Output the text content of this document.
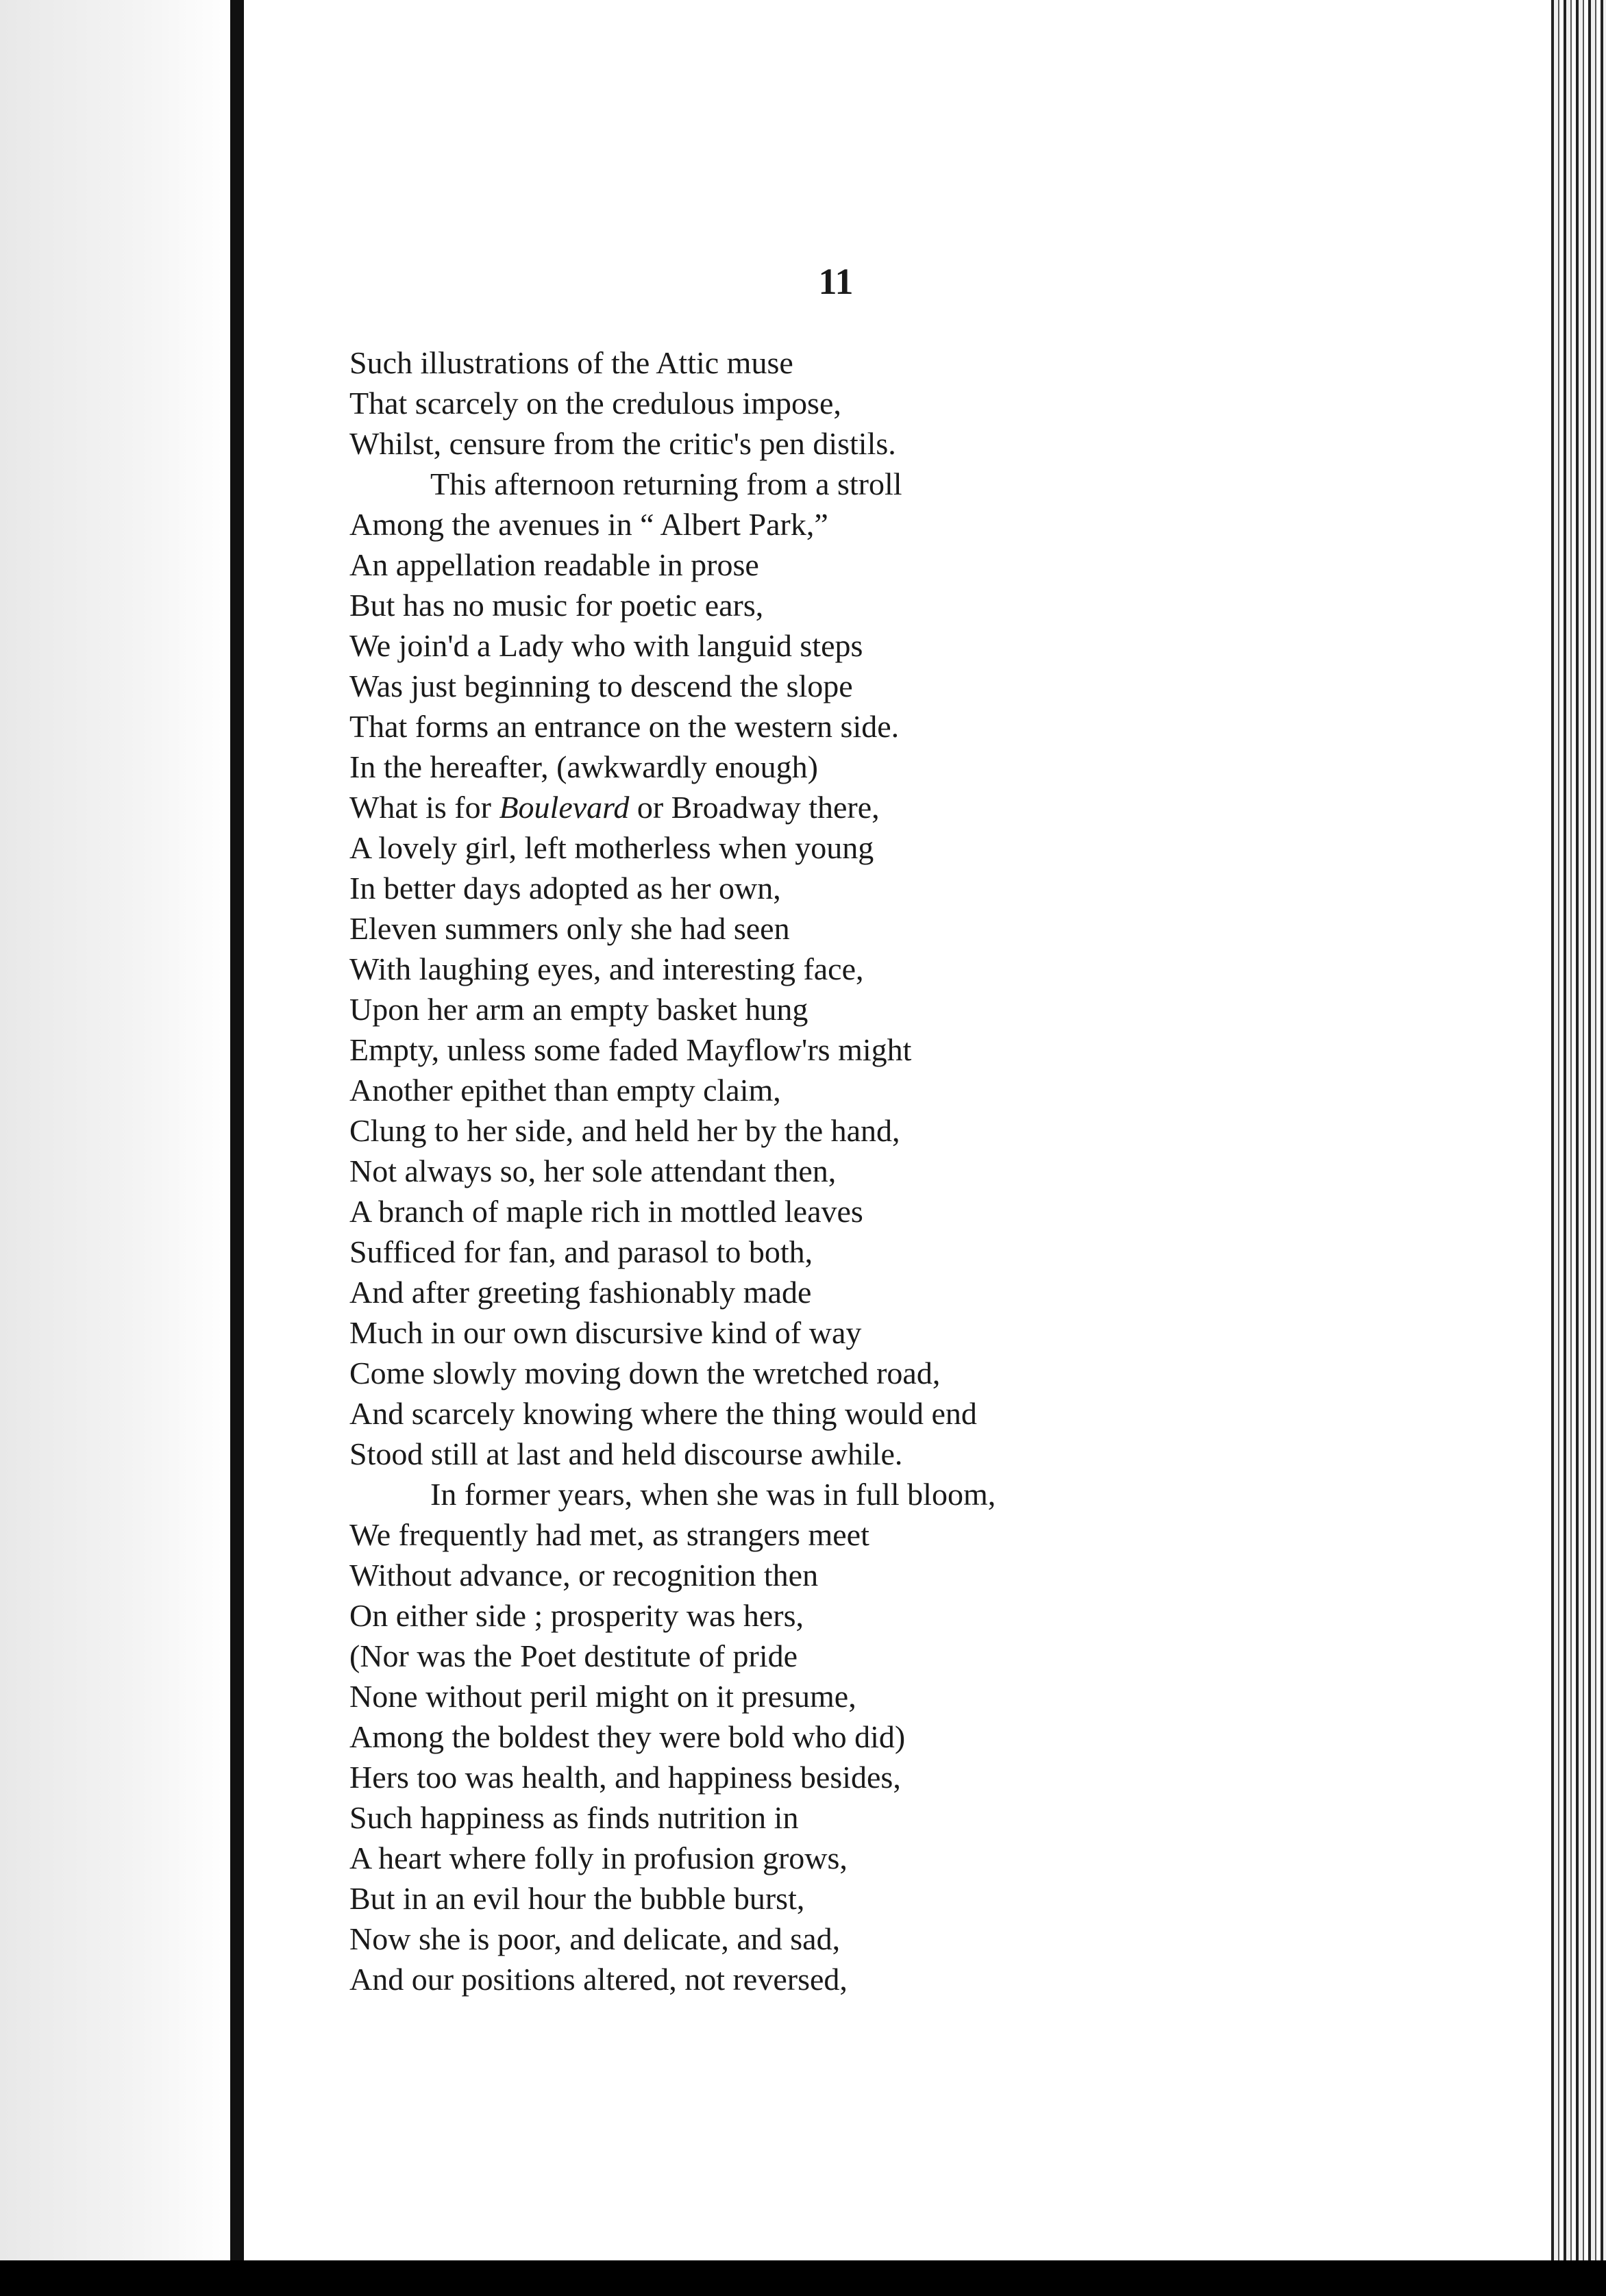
11
Such illustrations of the Attic muse
That scarcely on the credulous impose,
Whilst, censure from the critic's pen distils.
This afternoon returning from a stroll
Among the avenues in “ Albert Park,”
An appellation readable in prose
But has no music for poetic ears,
We join'd a Lady who with languid steps
Was just beginning to descend the slope
That forms an entrance on the western side.
In the hereafter, (awkwardly enough)
What is for Boulevard or Broadway there,
A lovely girl, left motherless when young
In better days adopted as her own,
Eleven summers only she had seen
With laughing eyes, and interesting face,
Upon her arm an empty basket hung
Empty, unless some faded Mayflow'rs might
Another epithet than empty claim,
Clung to her side, and held her by the hand,
Not always so, her sole attendant then,
A branch of maple rich in mottled leaves
Sufficed for fan, and parasol to both,
And after greeting fashionably made
Much in our own discursive kind of way
Come slowly moving down the wretched road,
And scarcely knowing where the thing would end
Stood still at last and held discourse awhile.
In former years, when she was in full bloom,
We frequently had met, as strangers meet
Without advance, or recognition then
On either side ; prosperity was hers,
(Nor was the Poet destitute of pride
None without peril might on it presume,
Among the boldest they were bold who did)
Hers too was health, and happiness besides,
Such happiness as finds nutrition in
A heart where folly in profusion grows,
But in an evil hour the bubble burst,
Now she is poor, and delicate, and sad,
And our positions altered, not reversed,
